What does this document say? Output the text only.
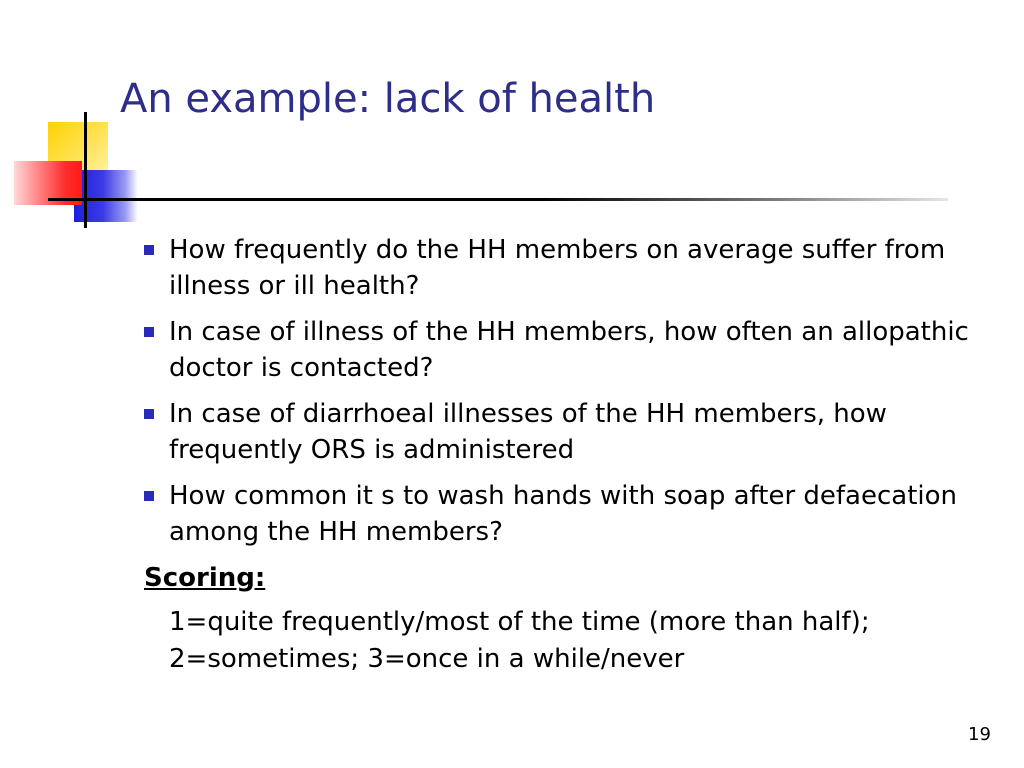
An example: lack of health
How frequently do the HH members on average suffer from illness or ill health?
In case of illness of the HH members, how often an allopathic doctor is contacted?
In case of diarrhoeal illnesses of the HH members, how frequently ORS is administered
How common it s to wash hands with soap after defaecation among the HH members?
Scoring:
1=quite frequently/most of the time (more than half);
2=sometimes; 3=once in a while/never
19
